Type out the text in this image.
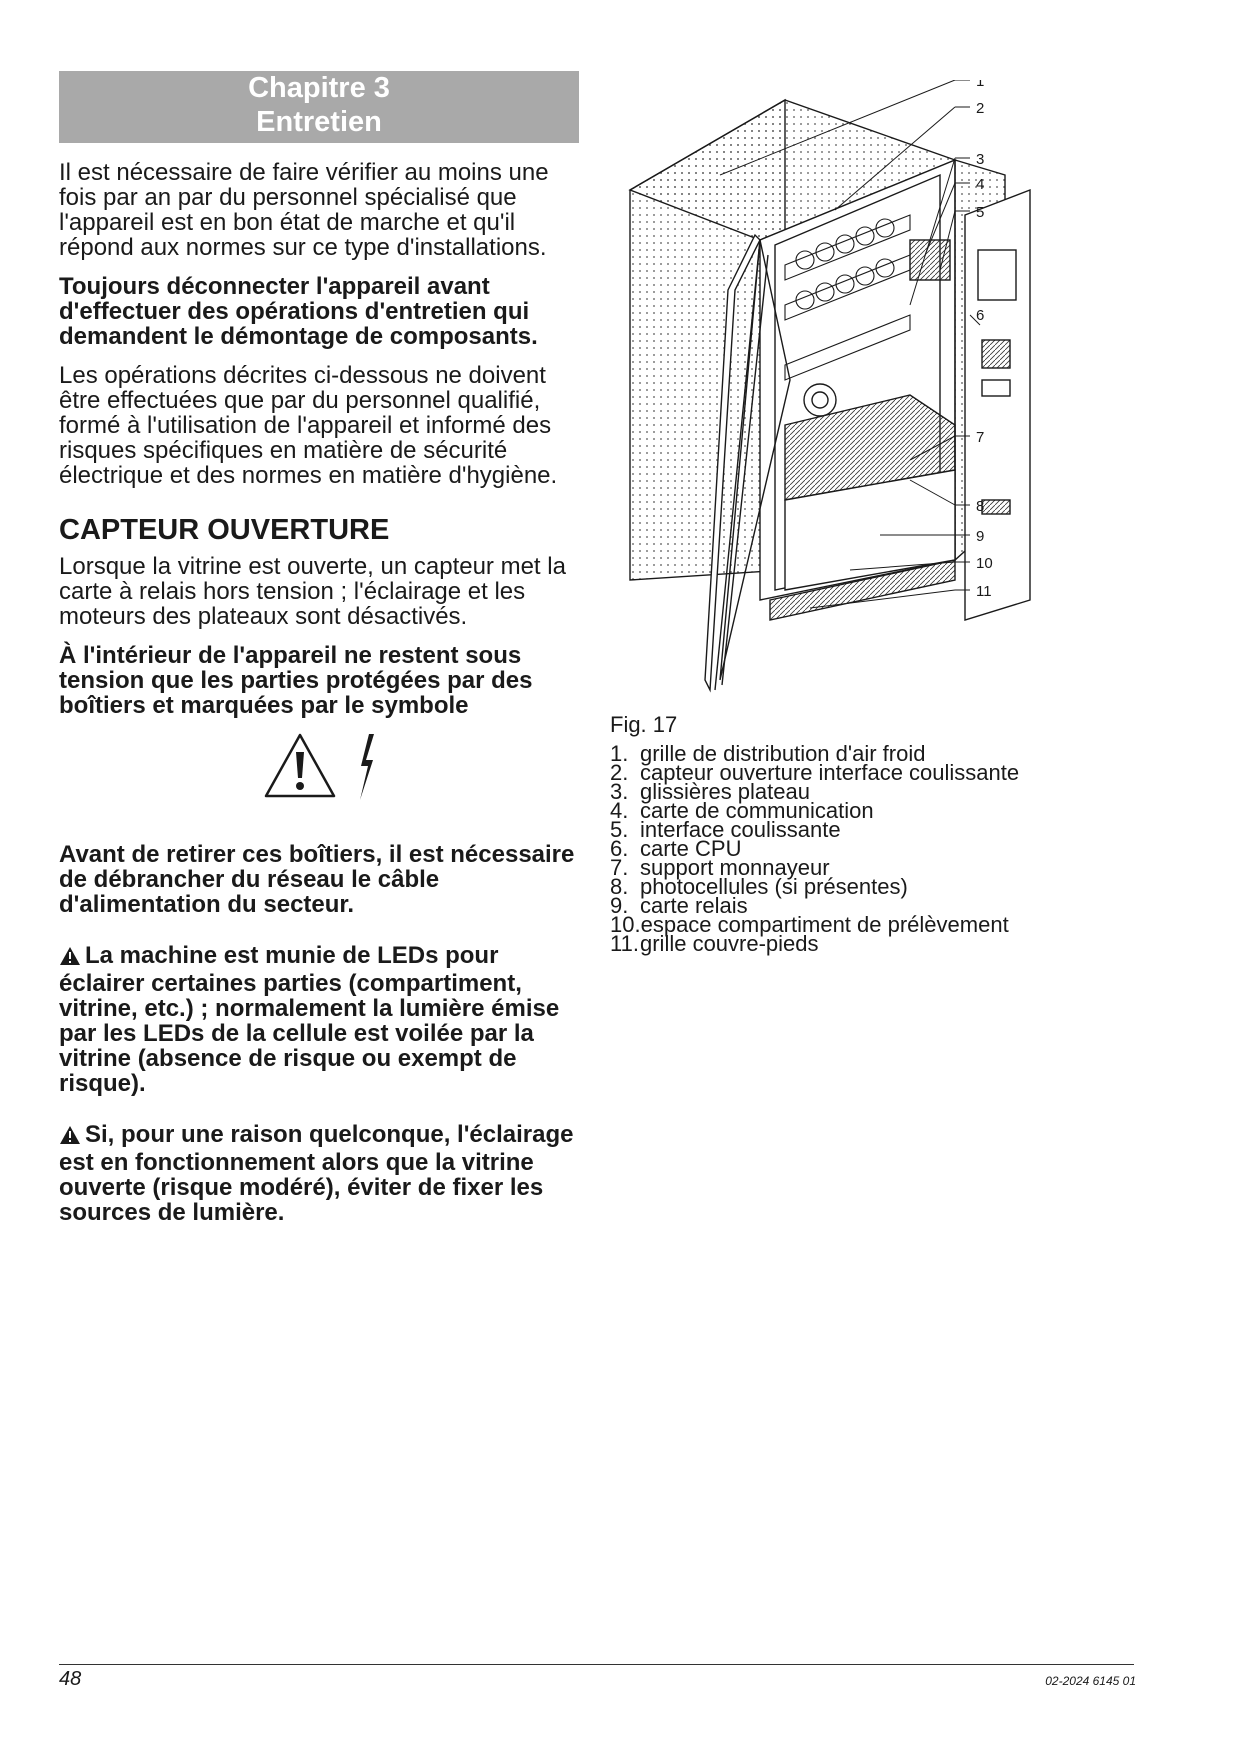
Chapitre 3
Entretien

Il est nécessaire de faire vérifier au moins une fois par an par du personnel spécialisé que l'appareil est en bon état de marche et qu'il répond aux normes sur ce type d'installations.

Toujours déconnecter l'appareil avant d'effectuer des opérations d'entretien qui demandent le démontage de composants.

Les opérations décrites ci-dessous ne doivent être effectuées que par du personnel qualifié, formé à l'utilisation de l'appareil et informé des risques spécifiques en matière de sécurité électrique et des normes en matière d'hygiène.

CAPTEUR OUVERTURE

Lorsque la vitrine est ouverte, un capteur met la carte à relais hors tension ; l'éclairage et les moteurs des plateaux sont désactivés.

À l'intérieur de l'appareil ne restent sous tension que les parties protégées par des boîtiers et marquées par le symbole

Avant de retirer ces boîtiers, il est nécessaire de débrancher du réseau le câble d'alimentation du secteur.

La machine est munie de LEDs pour éclairer certaines parties (compartiment, vitrine, etc.) ; normalement la lumière émise par les LEDs de la cellule est voilée par la vitrine (absence de risque ou exempt de risque).

Si, pour une raison quelconque, l'éclairage est en fonctionnement alors que la vitrine ouverte (risque modéré), éviter de fixer les sources de lumière.

1
2
3
4
5
6
7
8
9
10
11
Fig. 17
1. grille de distribution d'air froid
2. capteur ouverture interface coulissante
3. glissières plateau
4. carte de communication
5. interface coulissante
6. carte CPU
7. support monnayeur
8. photocellules (si présentes)
9. carte relais
10.espace compartiment de prélèvement
11.grille couvre-pieds
48	02-2024 6145 01
